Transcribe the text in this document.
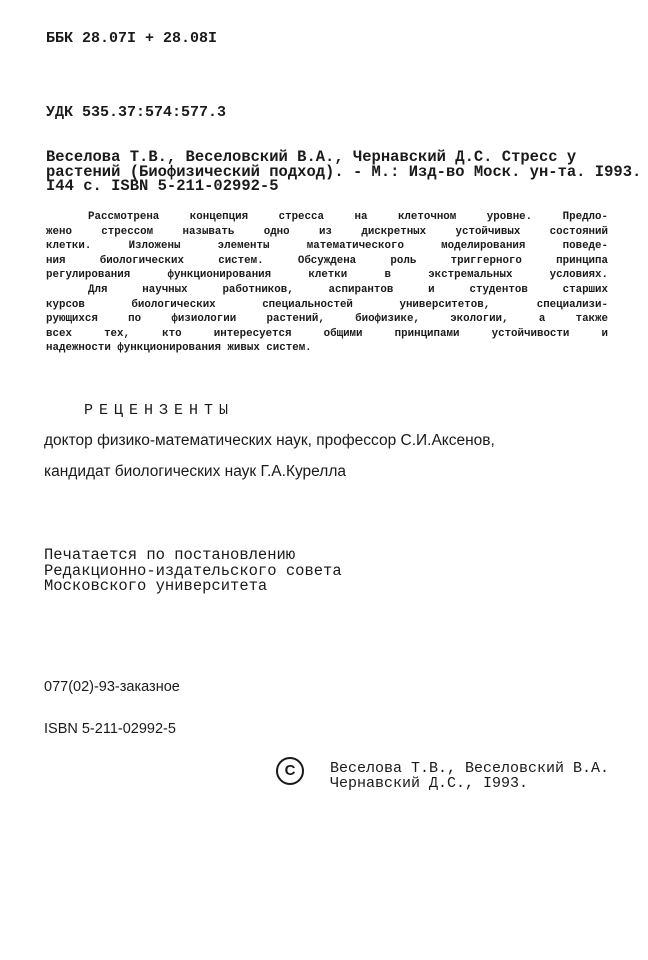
ББК 28.07I + 28.08I
УДК 535.37:574:577.3
Веселова Т.В., Веселовский В.А., Чернавский Д.С. Стресс у
растений (Биофизический подход). - М.: Изд-во Моск. ун-та. I993.
I44 с. ISBN 5-211-02992-5
Рассмотрена концепция стресса на клеточном уровне. Предло-
жено стрессом называть одно из дискретных устойчивых состояний
клетки. Изложены элементы математического моделирования поведе-
ния биологических систем. Обсуждена роль триггерного принципа
регулирования функционирования клетки в экстремальных условиях.
Для научных работников, аспирантов и студентов старших
курсов биологических специальностей университетов, специализи-
рующихся по физиологии растений, биофизике, экологии, а также
всех тех, кто интересуется общими принципами устойчивости и
надежности функционирования живых систем.
РЕЦЕНЗЕНТЫ
доктор физико-математических наук, профессор С.И.Аксенов,
кандидат биологических наук Г.А.Курелла
Печатается по постановлению
Редакционно-издательского совета
Московского университета
077(02)-93-заказное
ISBN 5-211-02992-5
С	Веселова Т.В., Веселовский В.А.
Чернавский Д.С., I993.
